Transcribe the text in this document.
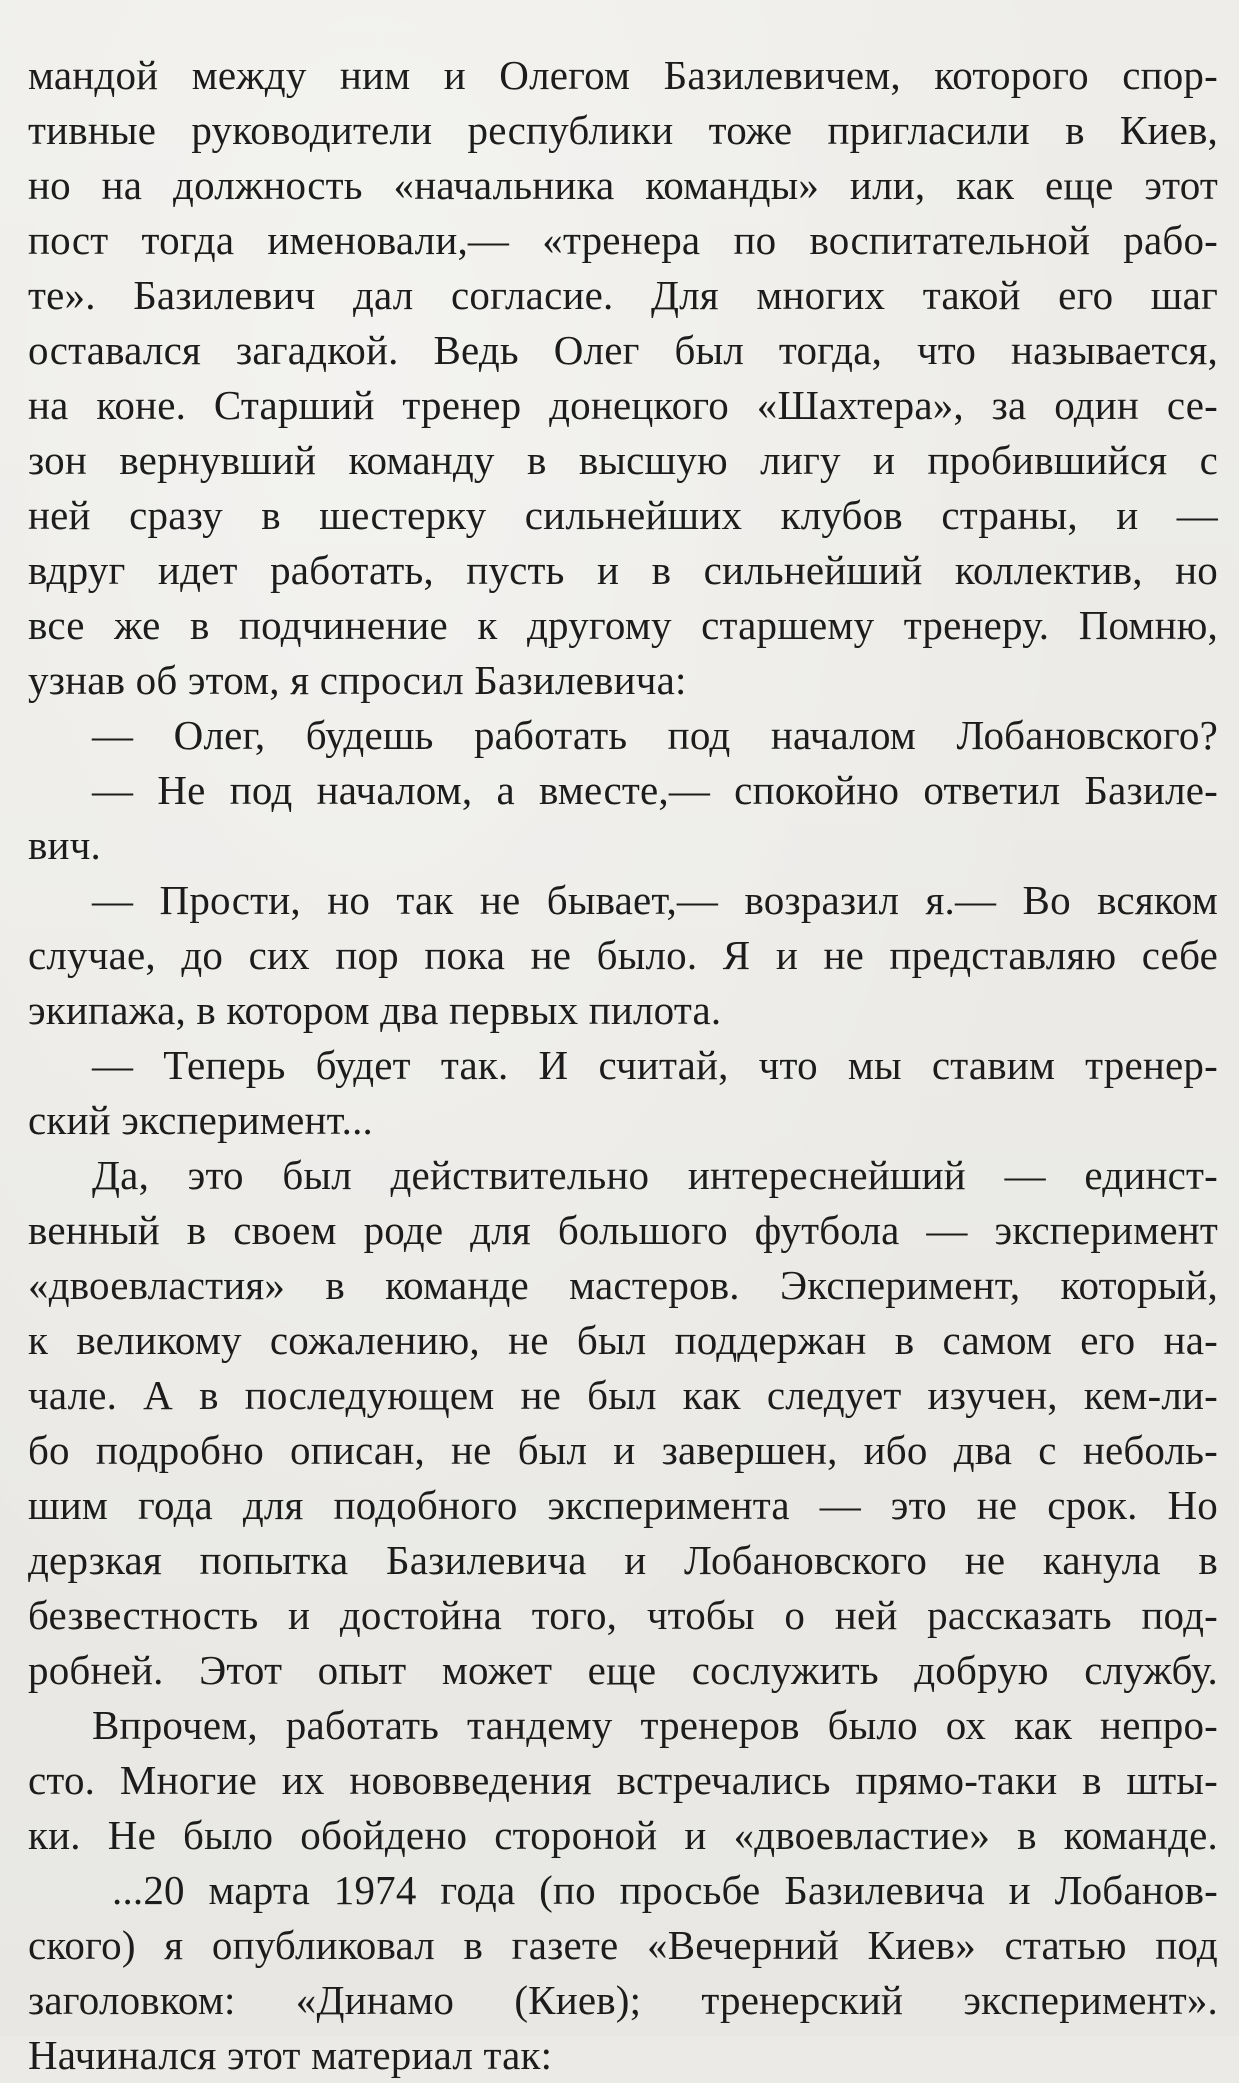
мандой между ним и Олегом Базилевичем, которого спор-
тивные руководители республики тоже пригласили в Киев,
но на должность «начальника команды» или, как еще этот
пост тогда именовали,— «тренера по воспитательной рабо-
те». Базилевич дал согласие. Для многих такой его шаг
оставался загадкой. Ведь Олег был тогда, что называется,
на коне. Старший тренер донецкого «Шахтера», за один се-
зон вернувший команду в высшую лигу и пробившийся с
ней сразу в шестерку сильнейших клубов страны, и —
вдруг идет работать, пусть и в сильнейший коллектив, но
все же в подчинение к другому старшему тренеру. Помню,
узнав об этом, я спросил Базилевича:
— Олег, будешь работать под началом Лобановского?
— Не под началом, а вместе,— спокойно ответил Базиле-
вич.
— Прости, но так не бывает,— возразил я.— Во всяком
случае, до сих пор пока не было. Я и не представляю себе
экипажа, в котором два первых пилота.
— Теперь будет так. И считай, что мы ставим тренер-
ский эксперимент...
Да, это был действительно интереснейший — единст-
венный в своем роде для большого футбола — эксперимент
«двоевластия» в команде мастеров. Эксперимент, который,
к великому сожалению, не был поддержан в самом его на-
чале. А в последующем не был как следует изучен, кем-ли-
бо подробно описан, не был и завершен, ибо два с неболь-
шим года для подобного эксперимента — это не срок. Но
дерзкая попытка Базилевича и Лобановского не канула в
безвестность и достойна того, чтобы о ней рассказать под-
робней. Этот опыт может еще сослужить добрую службу.
Впрочем, работать тандему тренеров было ох как непро-
сто. Многие их нововведения встречались прямо-таки в шты-
ки. Не было обойдено стороной и «двоевластие» в команде.
...20 марта 1974 года (по просьбе Базилевича и Лобанов-
ского) я опубликовал в газете «Вечерний Киев» статью под
заголовком: «Динамо (Киев); тренерский эксперимент».
Начинался этот материал так:
